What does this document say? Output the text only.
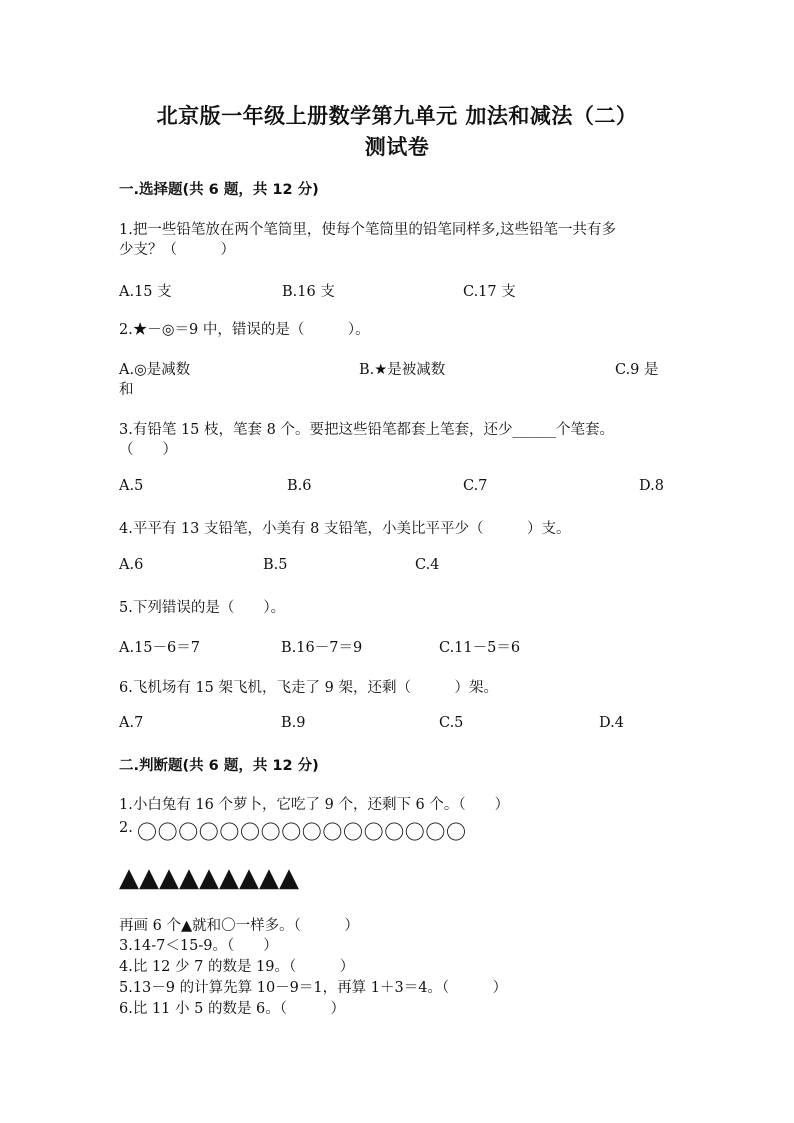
北京版一年级上册数学第九单元 加法和减法（二）
测试卷
一.选择题(共 6 题，共 12 分)
1.把一些铅笔放在两个笔筒里，使每个笔筒里的铅笔同样多,这些铅笔一共有多
少支？（　　　）
A.15 支	B.16 支	C.17 支
2.★－◎＝9 中，错误的是（　　　）。
A.◎是减数	B.★是被减数	C.9 是
和
3.有铅笔 15 枝，笔套 8 个。要把这些铅笔都套上笔套，还少______个笔套。
（　　）
A.5	B.6	C.7	D.8
4.平平有 13 支铅笔，小美有 8 支铅笔，小美比平平少（　　　）支。
A.6	B.5	C.4
5.下列错误的是（　　）。
A.15－6＝7	B.16－7＝9	C.11－5＝6
6.飞机场有 15 架飞机，飞走了 9 架，还剩（　　　）架。
A.7	B.9	C.5	D.4
二.判断题(共 6 题，共 12 分)
1.小白兔有 16 个萝卜，它吃了 9 个，还剩下 6 个。（　　）
2. 〇〇〇〇〇〇〇〇〇〇〇〇〇〇〇〇
▲▲▲▲▲▲▲▲▲
再画 6 个▲就和〇一样多。（　　　）
3.14-7＜15-9。（　　）
4.比 12 少 7 的数是 19。（　　　）
5.13－9 的计算先算 10－9＝1，再算 1＋3＝4。（　　　）
6.比 11 小 5 的数是 6。（　　　）
